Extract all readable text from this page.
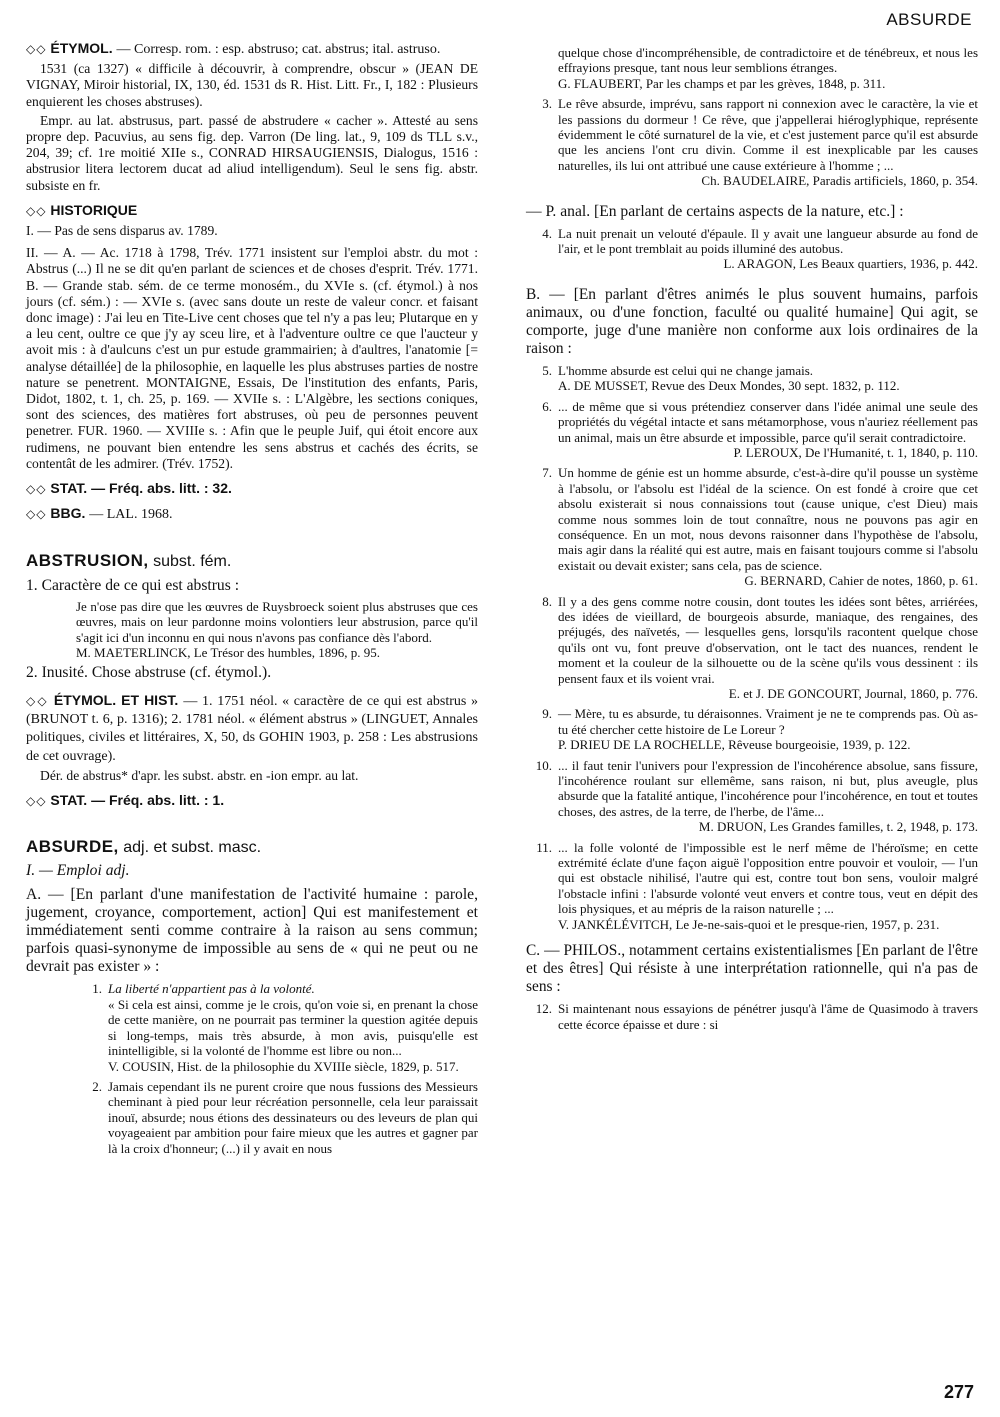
ABSURDE

◇◇ ÉTYMOL. — Corresp. rom. : esp. abstruso; cat. abstrus; ital. astruso.

1531 (ca 1327) « difficile à découvrir, à comprendre, obscur » (JEAN DE VIGNAY, Miroir historial, IX, 130, éd. 1531 ds R. Hist. Litt. Fr., I, 182 : Plusieurs enquierent les choses abstruses).

Empr. au lat. abstrusus, part. passé de abstrudere « cacher ». Attesté au sens propre dep. Pacuvius, au sens fig. dep. Varron (De ling. lat., 9, 109 ds TLL s.v., 204, 39; cf. 1re moitié XIIe s., CONRAD HIRSAUGIENSIS, Dialogus, 1516 : abstrusior litera lectorem ducat ad aliud intelligendum). Seul le sens fig. abstr. subsiste en fr.

◇◇ HISTORIQUE

I. — Pas de sens disparus av. 1789.

II. — A. — Ac. 1718 à 1798, Trév. 1771 insistent sur l'emploi abstr. du mot : Abstrus (...) Il ne se dit qu'en parlant de sciences et de choses d'esprit. Trév. 1771. B. — Grande stab. sém. de ce terme monosém., du XVIe s. (cf. étymol.) à nos jours (cf. sém.) : — XVIe s. (avec sans doute un reste de valeur concr. et faisant donc image) : J'ai leu en Tite-Live cent choses que tel n'y a pas leu; Plutarque en y a leu cent, oultre ce que j'y ay sceu lire, et à l'adventure oultre ce que l'aucteur y avoit mis : à d'aulcuns c'est un pur estude grammairien; à d'aultres, l'anatomie [= analyse détaillée] de la philosophie, en laquelle les plus abstruses parties de nostre nature se penetrent. MONTAIGNE, Essais, De l'institution des enfants, Paris, Didot, 1802, t. 1, ch. 25, p. 169. — XVIIe s. : L'Algèbre, les sections coniques, sont des sciences, des matières fort abstruses, où peu de personnes peuvent penetrer. FUR. 1960. — XVIIIe s. : Afin que le peuple Juif, qui étoit encore aux rudimens, ne pouvant bien entendre les sens abstrus et cachés des écrits, se contentât de les admirer. (Trév. 1752).

◇◇ STAT. — Fréq. abs. litt. : 32.

◇◇ BBG. — LAL. 1968.

ABSTRUSION, subst. fém.

1. Caractère de ce qui est abstrus :

Je n'ose pas dire que les œuvres de Ruysbroeck soient plus abstruses que ces œuvres, mais on leur pardonne moins volontiers leur abstrusion, parce qu'il s'agit ici d'un inconnu en qui nous n'avons pas confiance dès l'abord.

M. MAETERLINCK, Le Trésor des humbles, 1896, p. 95.

2. Inusité. Chose abstruse (cf. étymol.).

◇◇ ÉTYMOL. ET HIST. — 1. 1751 néol. « caractère de ce qui est abstrus » (BRUNOT t. 6, p. 1316); 2. 1781 néol. « élément abstrus » (LINGUET, Annales politiques, civiles et littéraires, X, 50, ds GOHIN 1903, p. 258 : Les abstrusions de cet ouvrage).

Dér. de abstrus* d'apr. les subst. abstr. en -ion empr. au lat.

◇◇ STAT. — Fréq. abs. litt. : 1.

ABSURDE, adj. et subst. masc.

I. — Emploi adj.

A. — [En parlant d'une manifestation de l'activité humaine : parole, jugement, croyance, comportement, action] Qui est manifestement et immédiatement senti comme contraire à la raison au sens commun; parfois quasi-synonyme de impossible au sens de « qui ne peut ou ne devrait pas exister » :

1. La liberté n'appartient pas à la volonté.

« Si cela est ainsi, comme je le crois, qu'on voie si, en prenant la chose de cette manière, on ne pourrait pas terminer la question agitée depuis si long-temps, mais très absurde, à mon avis, puisqu'elle est inintelligible, si la volonté de l'homme est libre ou non...

V. COUSIN, Hist. de la philosophie du XVIIIe siècle, 1829, p. 517.

2. Jamais cependant ils ne purent croire que nous fussions des Messieurs cheminant à pied pour leur récréation personnelle, cela leur paraissait inouï, absurde; nous étions des dessinateurs ou des leveurs de plan qui voyageaient par ambition pour faire mieux que les autres et gagner par là la croix d'honneur; (...) il y avait en nous

quelque chose d'incompréhensible, de contradictoire et de ténébreux, et nous les effrayions presque, tant nous leur semblions étranges.

G. FLAUBERT, Par les champs et par les grèves, 1848, p. 311.

3. Le rêve absurde, imprévu, sans rapport ni connexion avec le caractère, la vie et les passions du dormeur ! Ce rêve, que j'appellerai hiéroglyphique, représente évidemment le côté surnaturel de la vie, et c'est justement parce qu'il est absurde que les anciens l'ont cru divin. Comme il est inexplicable par les causes naturelles, ils lui ont attribué une cause extérieure à l'homme ; ...

Ch. BAUDELAIRE, Paradis artificiels, 1860, p. 354.

— P. anal. [En parlant de certains aspects de la nature, etc.] :

4. La nuit prenait un velouté d'épaule. Il y avait une langueur absurde au fond de l'air, et le pont tremblait au poids illuminé des autobus.

L. ARAGON, Les Beaux quartiers, 1936, p. 442.

B. — [En parlant d'êtres animés le plus souvent humains, parfois animaux, ou d'une fonction, faculté ou qualité humaine] Qui agit, se comporte, juge d'une manière non conforme aux lois ordinaires de la raison :

5. L'homme absurde est celui qui ne change jamais.

A. DE MUSSET, Revue des Deux Mondes, 30 sept. 1832, p. 112.

6. ... de même que si vous prétendiez conserver dans l'idée animal une seule des propriétés du végétal intacte et sans métamorphose, vous n'auriez réellement pas un animal, mais un être absurde et impossible, parce qu'il serait contradictoire.

P. LEROUX, De l'Humanité, t. 1, 1840, p. 110.

7. Un homme de génie est un homme absurde, c'est-à-dire qu'il pousse un système à l'absolu, or l'absolu est l'idéal de la science. On est fondé à croire que cet absolu existerait si nous connaissions tout (cause unique, c'est Dieu) mais comme nous sommes loin de tout connaître, nous ne pouvons pas agir en conséquence. En un mot, nous devons raisonner dans l'hypothèse de l'absolu, mais agir dans la réalité qui est autre, mais en faisant toujours comme si l'absolu existait ou devait exister; sans cela, pas de science.

G. BERNARD, Cahier de notes, 1860, p. 61.

8. Il y a des gens comme notre cousin, dont toutes les idées sont bêtes, arriérées, des idées de vieillard, de bourgeois absurde, maniaque, des rengaines, des préjugés, des naïvetés, — lesquelles gens, lorsqu'ils racontent quelque chose qu'ils ont vu, font preuve d'observation, ont le tact des nuances, rendent le moment et la couleur de la silhouette ou de la scène qu'ils vous dessinent : ils pensent faux et ils voient vrai.

E. et J. DE GONCOURT, Journal, 1860, p. 776.

9. — Mère, tu es absurde, tu déraisonnes. Vraiment je ne te comprends pas. Où as-tu été chercher cette histoire de Le Loreur ?

P. DRIEU DE LA ROCHELLE, Rêveuse bourgeoisie, 1939, p. 122.

10. ... il faut tenir l'univers pour l'expression de l'incohérence absolue, sans fissure, l'incohérence roulant sur ellemême, sans raison, ni but, plus aveugle, plus absurde que la fatalité antique, l'incohérence pour l'incohérence, en tout et toutes choses, des astres, de la terre, de l'herbe, de l'âme...

M. DRUON, Les Grandes familles, t. 2, 1948, p. 173.

11. ... la folle volonté de l'impossible est le nerf même de l'héroïsme; en cette extrémité éclate d'une façon aiguë l'opposition entre pouvoir et vouloir, — l'un qui est obstacle nihilisé, l'autre qui est, contre tout bon sens, vouloir malgré l'obstacle infini : l'absurde volonté veut envers et contre tous, veut en dépit des lois physiques, et au mépris de la raison naturelle ; ...

V. JANKÉLÉVITCH, Le Je-ne-sais-quoi et le presque-rien, 1957, p. 231.

C. — PHILOS., notamment certains existentialismes [En parlant de l'être et des êtres] Qui résiste à une interprétation rationnelle, qui n'a pas de sens :

12. Si maintenant nous essayions de pénétrer jusqu'à l'âme de Quasimodo à travers cette écorce épaisse et dure : si
277
